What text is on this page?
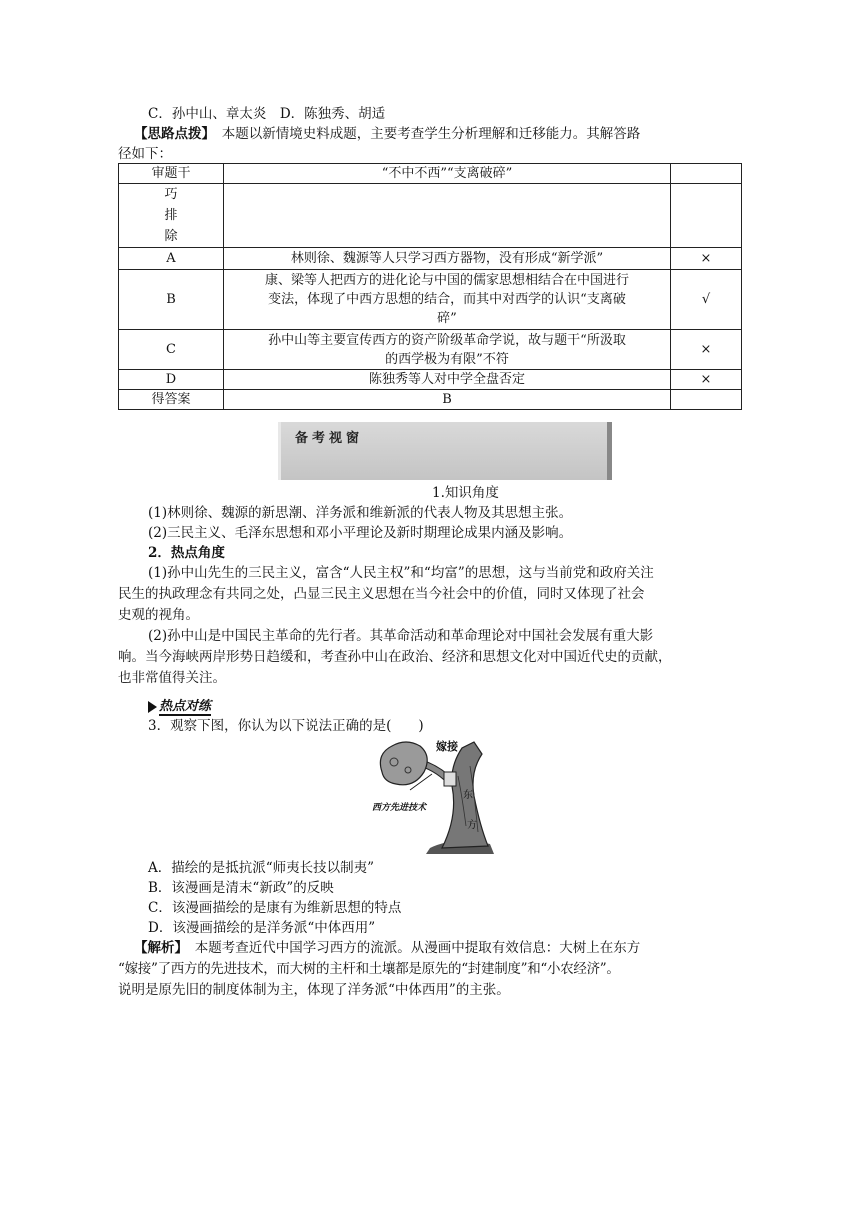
C．孙中山、章太炎　D．陈独秀、胡适
【思路点拨】　本题以新情境史料成题，主要考查学生分析理解和迁移能力。其解答路
径如下：
审题干	“不中不西”“支离破碎”	

巧
排
除		

A	林则徐、魏源等人只学习西方器物，没有形成“新学派”	×
B	康、梁等人把西方的进化论与中国的儒家思想相结合在中国进行
变法，体现了中西方思想的结合，而其中对西学的认识“支离破
碎”	√
C	孙中山等主要宣传西方的资产阶级革命学说，故与题干“所汲取
的西学极为有限”不符	×
D	陈独秀等人对中学全盘否定	×
得答案	B	
备考视窗
1.知识角度
(1)林则徐、魏源的新思潮、洋务派和维新派的代表人物及其思想主张。
(2)三民主义、毛泽东思想和邓小平理论及新时期理论成果内涵及影响。
2．热点角度
(1)孙中山先生的三民主义，富含“人民主权”和“均富”的思想，这与当前党和政府关注
民生的执政理念有共同之处，凸显三民主义思想在当今社会中的价值，同时又体现了社会
史观的视角。
(2)孙中山是中国民主革命的先行者。其革命活动和革命理论对中国社会发展有重大影
响。当今海峡两岸形势日趋缓和，考查孙中山在政治、经济和思想文化对中国近代史的贡献，
也非常值得关注。
热点对练
3．观察下图，你认为以下说法正确的是(　　)
嫁接
东
方
西方先进技术
A．描绘的是抵抗派“师夷长技以制夷”
B．该漫画是清末“新政”的反映
C．该漫画描绘的是康有为维新思想的特点
D．该漫画描绘的是洋务派“中体西用”
【解析】　本题考查近代中国学习西方的流派。从漫画中提取有效信息：大树上在东方
“嫁接”了西方的先进技术，而大树的主杆和土壤都是原先的“封建制度”和“小农经济”。
说明是原先旧的制度体制为主，体现了洋务派“中体西用”的主张。
